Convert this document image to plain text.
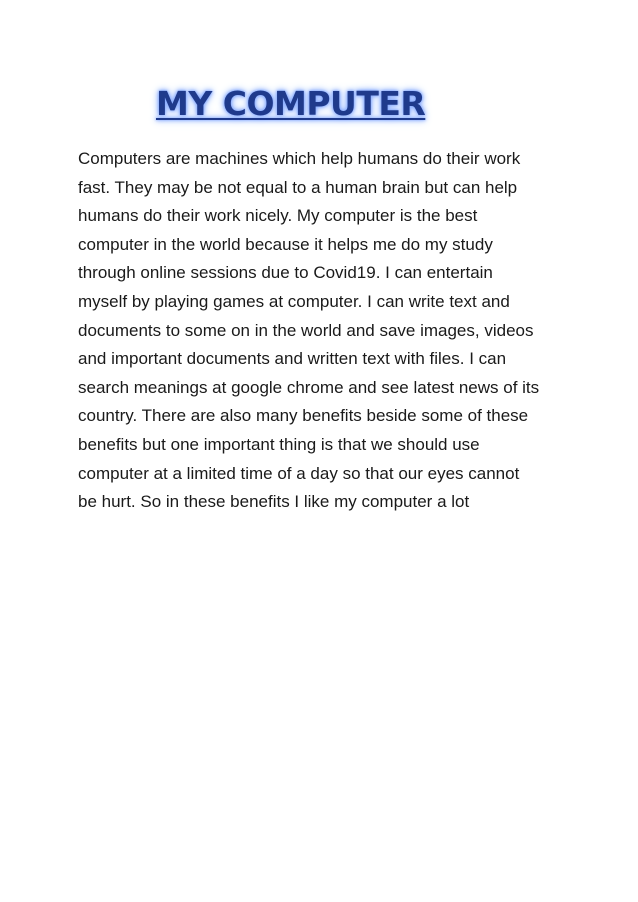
MY COMPUTER
Computers are machines which help humans do their work
fast. They may be not equal to a human brain but can help
humans do their work nicely. My computer is the best
computer in the world because it helps me do my study
through online sessions due to Covid19. I can entertain
myself by playing games at computer. I can write text and
documents to some on in the world and save images, videos
and important documents and written text with files. I can
search meanings at google chrome and see latest news of its
country. There are also many benefits beside some of these
benefits but one important thing is that we should use
computer at a limited time of a day so that our eyes cannot
be hurt. So in these benefits I like my computer a lot
